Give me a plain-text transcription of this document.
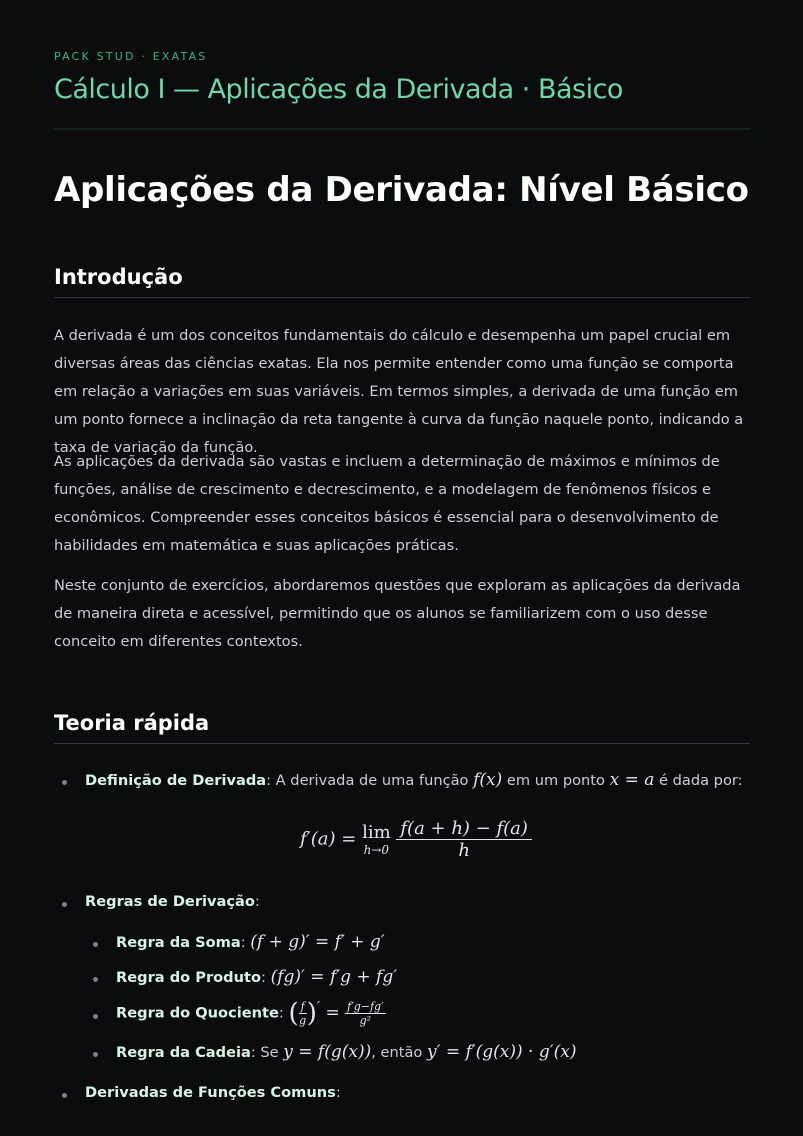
PACK STUD · EXATAS
Cálculo I — Aplicações da Derivada · Básico
Aplicações da Derivada: Nível Básico
Introdução
A derivada é um dos conceitos fundamentais do cálculo e desempenha um papel crucial em diversas áreas das ciências exatas. Ela nos permite entender como uma função se comporta em relação a variações em suas variáveis. Em termos simples, a derivada de uma função em um ponto fornece a inclinação da reta tangente à curva da função naquele ponto, indicando a taxa de variação da função.
As aplicações da derivada são vastas e incluem a determinação de máximos e mínimos de funções, análise de crescimento e decrescimento, e a modelagem de fenômenos físicos e econômicos. Compreender esses conceitos básicos é essencial para o desenvolvimento de habilidades em matemática e suas aplicações práticas.
Neste conjunto de exercícios, abordaremos questões que exploram as aplicações da derivada de maneira direta e acessível, permitindo que os alunos se familiarizem com o uso desse conceito em diferentes contextos.
Teoria rápida
Definição de Derivada: A derivada de uma função f(x) em um ponto x = a é dada por:
f′(a) = lim
h→0
$\frac{f(a + h) - f(a)}{h}$
Regras de Derivação:
Regra da Soma: (f + g)′ = f′ + g′
Regra do Produto: (fg)′ = f′g + fg′
Regra do Quociente: ( $\frac{f}{g})' = \frac{f'g-fg'}{\text{g²}}$
Regra da Cadeia: Se y = f(g(x)), então y′ = f′(g(x)) · g′(x)
Derivadas de Funções Comuns:
